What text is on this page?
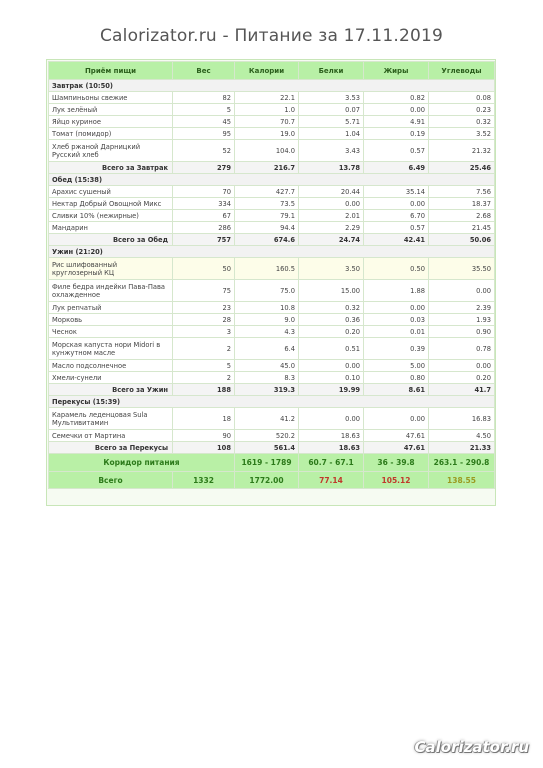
Calorizator.ru - Питание за 17.11.2019
Приём пищи	Вес	Калории	Белки	Жиры	Углеводы
Завтрак (10:50)					
Шампиньоны свежие	82	22.1	3.53	0.82	0.08
Лук зелёный	5	1.0	0.07	0.00	0.23
Яйцо куриное	45	70.7	5.71	4.91	0.32
Томат (помидор)	95	19.0	1.04	0.19	3.52
Хлеб ржаной Дарницкий Русский хлеб	52	104.0	3.43	0.57	21.32
Всего за Завтрак	279	216.7	13.78	6.49	25.46
Обед (15:38)					
Арахис сушеный	70	427.7	20.44	35.14	7.56
Нектар Добрый Овощной Микс	334	73.5	0.00	0.00	18.37
Сливки 10% (нежирные)	67	79.1	2.01	6.70	2.68
Мандарин	286	94.4	2.29	0.57	21.45
Всего за Обед	757	674.6	24.74	42.41	50.06
Ужин (21:20)					
Рис шлифованный круглозерный КЦ	50	160.5	3.50	0.50	35.50
Филе бедра индейки Пава-Пава охлажденное	75	75.0	15.00	1.88	0.00
Лук репчатый	23	10.8	0.32	0.00	2.39
Морковь	28	9.0	0.36	0.03	1.93
Чеснок	3	4.3	0.20	0.01	0.90
Морская капуста нори Midori в кунжутном масле	2	6.4	0.51	0.39	0.78
Масло подсолнечное	5	45.0	0.00	5.00	0.00
Хмели-сунели	2	8.3	0.10	0.80	0.20
Всего за Ужин	188	319.3	19.99	8.61	41.7
Перекусы (15:39)					
Карамель леденцовая Sula Мультивитамин	18	41.2	0.00	0.00	16.83
Семечки от Мартина	90	520.2	18.63	47.61	4.50
Всего за Перекусы	108	561.4	18.63	47.61	21.33
Коридор питания		1619 - 1789	60.7 - 67.1	36 - 39.8	263.1 - 290.8
Всего	1332	1772.00	77.14	105.12	138.55
Calorizator.ru
